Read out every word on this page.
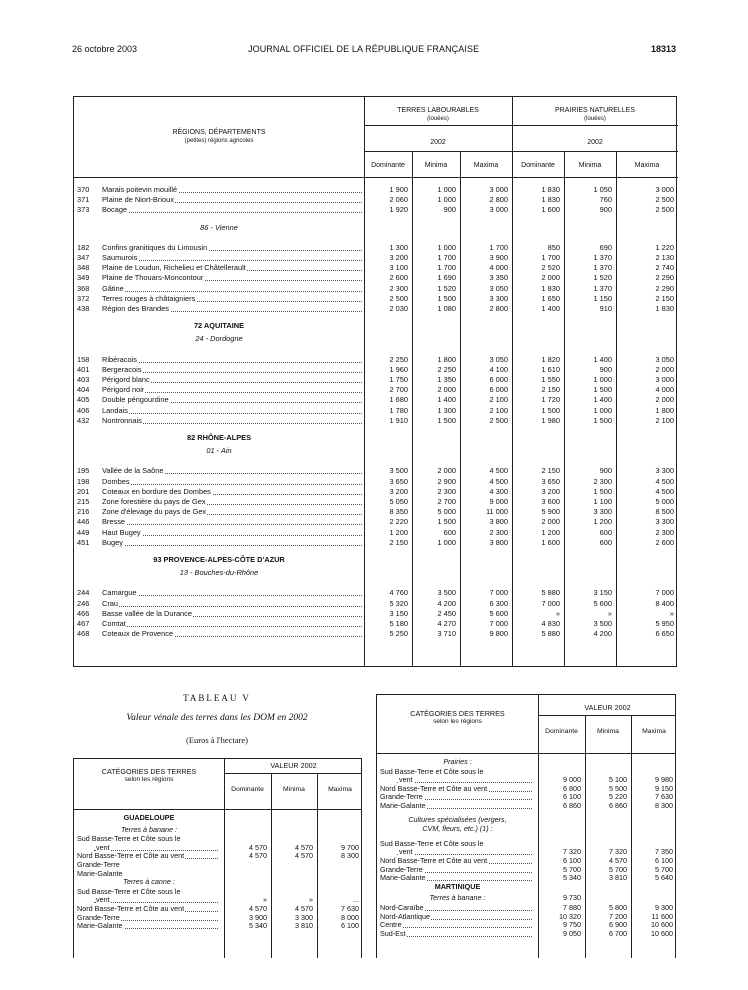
26 octobre 2003	JOURNAL OFFICIEL DE LA RÉPUBLIQUE FRANÇAISE	18313
RÉGIONS, DÉPARTEMENTS
(petites) régions agricoles
TERRES LABOURABLES
(louées)
PRAIRIES NATURELLES
(louées)
2002	2002
Dominante	Minima	Maxima	Dominante	Minima	Maxima
370	Marais poitevin mouillé	1 900	1 000	3 000	1 830	1 050	3 000
371	Plaine de Niort-Brioux	2 060	1 000	2 800	1 830	760	2 500
373	Bocage	1 920	900	3 000	1 600	900	2 500
86 - Vienne
182	Confins granitiques du Limousin	1 300	1 000	1 700	850	690	1 220
347	Saumurois	3 200	1 700	3 900	1 700	1 370	2 130
348	Plaine de Loudun, Richelieu et Châtellerault	3 100	1 700	4 000	2 520	1 370	2 740
349	Plaine de Thouars-Moncontour	2 600	1 690	3 350	2 000	1 520	2 290
368	Gâtine	2 300	1 520	3 050	1 830	1 370	2 290
372	Terres rouges à châtaigniers	2 500	1 500	3 300	1 650	1 150	2 150
438	Région des Brandes	2 030	1 080	2 800	1 400	910	1 830
72 AQUITAINE
24 - Dordogne
158	Ribéracois	2 250	1 800	3 050	1 820	1 400	3 050
401	Bergeracois	1 960	2 250	4 100	1 610	900	2 000
403	Périgord blanc	1 750	1 350	6 000	1 550	1 000	3 000
404	Périgord noir	2 700	2 000	6 000	2 150	1 500	4 000
405	Double périgourdine	1 680	1 400	2 100	1 720	1 400	2 000
406	Landais	1 780	1 300	2 100	1 500	1 000	1 800
432	Nontronnais	1 910	1 500	2 500	1 980	1 500	2 100
82 RHÔNE-ALPES
01 - Ain
195	Vallée de la Saône	3 500	2 000	4 500	2 150	900	3 300
198	Dombes	3 650	2 900	4 500	3 650	2 300	4 500
201	Coteaux en bordure des Dombes	3 200	2 300	4 300	3 200	1 500	4 500
215	Zone forestière du pays de Gex	5 050	2 700	9 000	3 600	1 100	5 000
216	Zone d'élevage du pays de Gex	8 350	5 000	11 000	5 900	3 300	8 500
446	Bresse	2 220	1 500	3 800	2 000	1 200	3 300
449	Haut Bugey	1 200	600	2 300	1 200	600	2 300
451	Bugey	2 150	1 000	3 800	1 600	600	2 600
93 PROVENCE-ALPES-CÔTE D'AZUR
13 - Bouches-du-Rhône
244	Camargue	4 760	3 500	7 000	5 880	3 150	7 000
246	Crau	5 320	4 200	6 300	7 000	5 600	8 400
466	Basse vallée de la Durance	3 150	2 450	5 600	»	»	»
467	Comtat	5 180	4 270	7 000	4 830	3 500	5 950
468	Coteaux de Provence	5 250	3 710	9 800	5 880	4 200	6 650
TABLEAU V
Valeur vénale des terres dans les DOM en 2002
(Euros à l'hectare)
CATÉGORIES DES TERRES
selon les régions
VALEUR 2002
Dominante	Minima	Maxima
GUADELOUPE
Terres à banane :
Sud Basse-Terre et Côte sous le
vent	4 570	4 570	9 700
Nord Basse-Terre et Côte au vent	4 570	4 570	8 300
Grande-Terre
Marie-Galante
Terres à canne :
Sud Basse-Terre et Côte sous le
vent	»	»	...
Nord Basse-Terre et Côte au vent	4 570	4 570	7 630
Grande-Terre	3 900	3 300	8 000
Marie-Galante	5 340	3 810	6 100
CATÉGORIES DES TERRES
selon les régions
VALEUR 2002
Dominante	Minima	Maxima
Prairies :
Sud Basse-Terre et Côte sous le
vent	9 000	5 100	9 980
Nord Basse-Terre et Côte au vent	6 800	5 500	9 150
Grande-Terre	6 100	5 220	7 630
Marie-Galante	6 860	6 860	8 300
Cultures spécialisées (vergers,
CVM, fleurs, etc.) (1) :
Sud Basse-Terre et Côte sous le
vent	7 320	7 320	7 350
Nord Basse-Terre et Côte au vent	6 100	4 570	6 100
Grande-Terre	5 700	5 700	5 700
Marie-Galante	5 340	3 810	5 640
MARTINIQUE
Terres à banane :	9 730
Nord-Caraïbe	7 880	5 800	9 300
Nord-Atlantique	10 320	7 200	11 600
Centre	9 750	6 900	10 600
Sud-Est	9 050	6 700	10 600
